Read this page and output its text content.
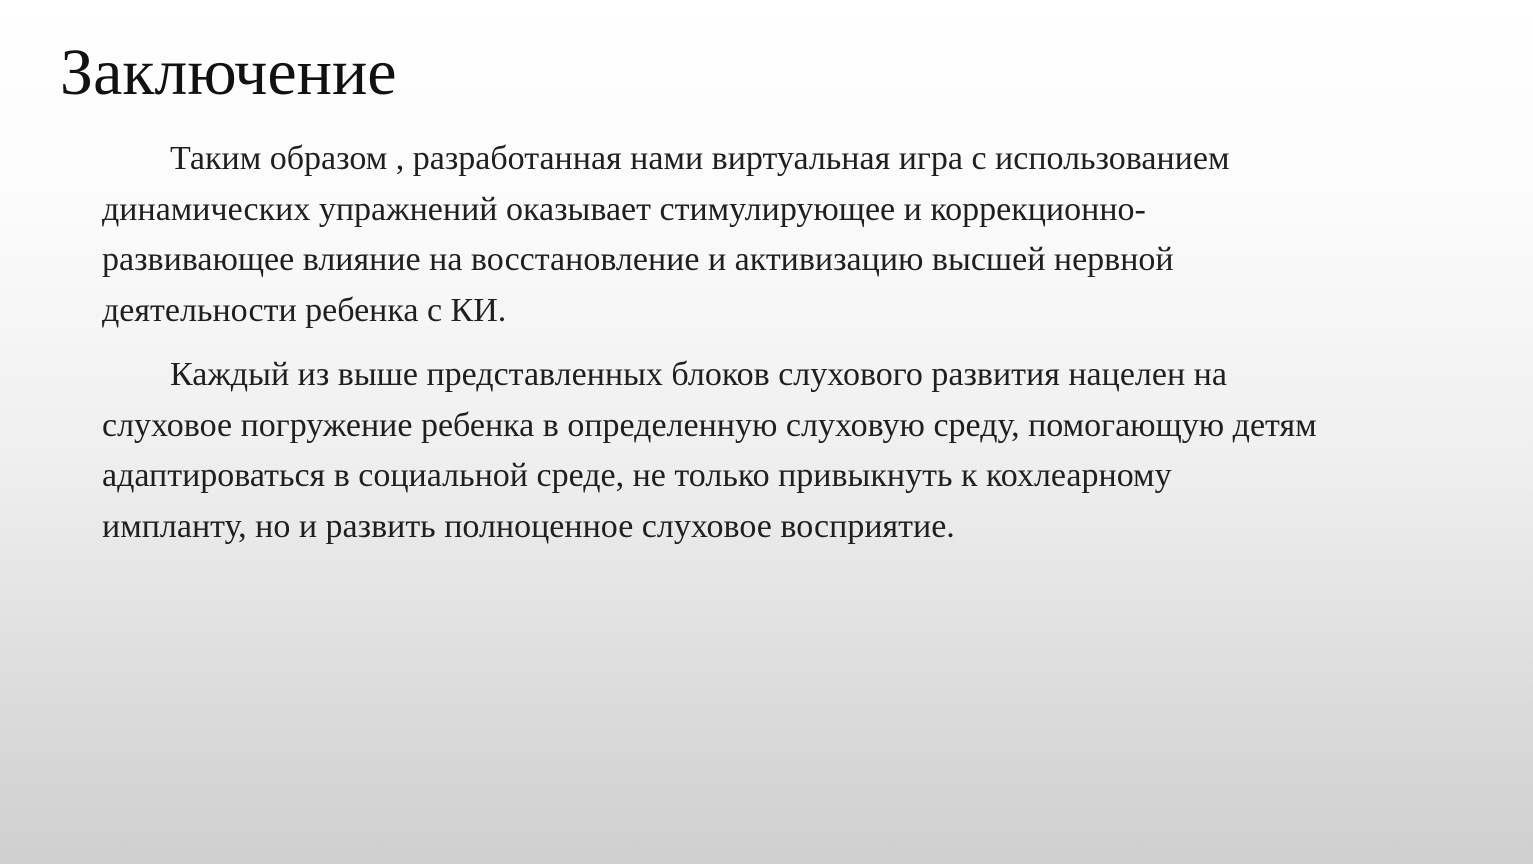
Заключение
Таким образом , разработанная нами виртуальная игра с использованием
динамических упражнений оказывает стимулирующее и коррекционно-
развивающее влияние на восстановление и активизацию высшей нервной
деятельности ребенка с КИ.
Каждый из выше представленных блоков слухового развития нацелен на
слуховое погружение ребенка в определенную слуховую среду, помогающую детям
адаптироваться в социальной среде, не только привыкнуть к кохлеарному
импланту, но и развить полноценное слуховое восприятие.
